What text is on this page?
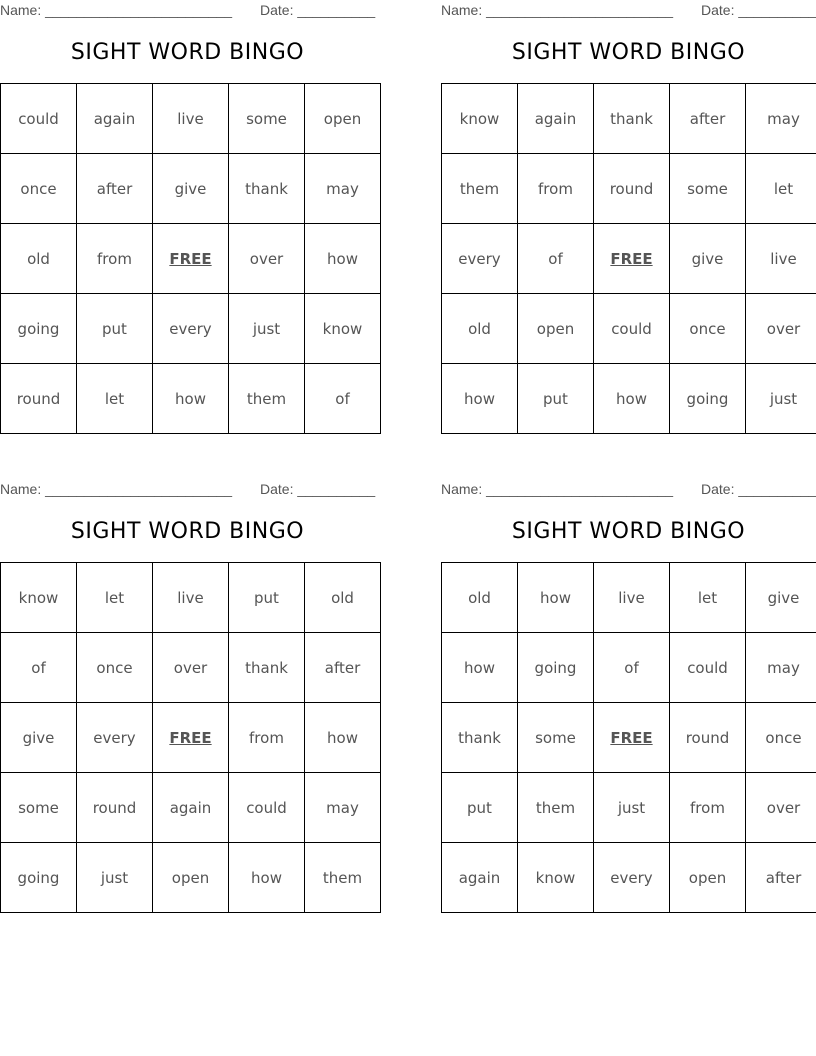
Name: ________________________ Date: __________
SIGHT WORD BINGO
could	again	live	some	open
once	after	give	thank	may
old	from	FREE	over	how
going	put	every	just	know
round	let	how	them	of
Name: ________________________ Date: __________
SIGHT WORD BINGO
know	again	thank	after	may
them	from	round	some	let
every	of	FREE	give	live
old	open	could	once	over
how	put	how	going	just
Name: ________________________ Date: __________
SIGHT WORD BINGO
know	let	live	put	old
of	once	over	thank	after
give	every	FREE	from	how
some	round	again	could	may
going	just	open	how	them
Name: ________________________ Date: __________
SIGHT WORD BINGO
old	how	live	let	give
how	going	of	could	may
thank	some	FREE	round	once
put	them	just	from	over
again	know	every	open	after
